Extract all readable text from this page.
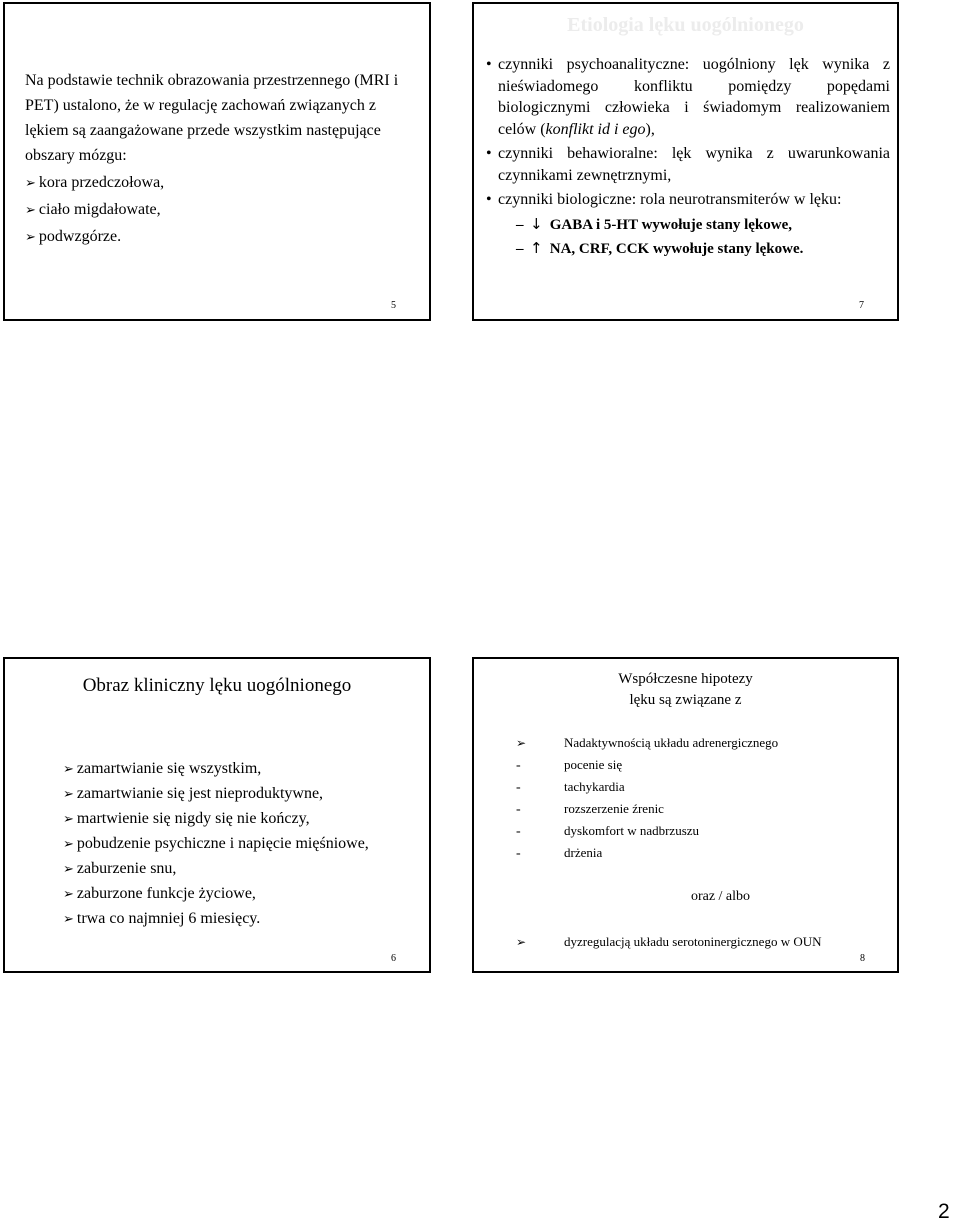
Na podstawie technik obrazowania przestrzennego (MRI i PET) ustalono, że w regulację zachowań związanych z lękiem są zaangażowane przede wszystkim następujące obszary mózgu:
➢ kora przedczołowa,
➢ ciało migdałowate,
➢ podwzgórze.
5
Etiologia lęku uogólnionego
• czynniki psychoanalityczne: uogólniony lęk wynika z nieświadomego konfliktu pomiędzy popędami biologicznymi człowieka i świadomym realizowaniem celów (konflikt id i ego),
• czynniki behawioralne: lęk wynika z uwarunkowania czynnikami zewnętrznymi,
• czynniki biologiczne: rola neurotransmiterów w lęku:
– ↓ GABA i 5-HT wywołuje stany lękowe,
– ↑ NA, CRF, CCK wywołuje stany lękowe.
7
Obraz kliniczny lęku uogólnionego
➢ zamartwianie się wszystkim,
➢ zamartwianie się jest nieproduktywne,
➢ martwienie się nigdy się nie kończy,
➢ pobudzenie psychiczne i napięcie mięśniowe,
➢ zaburzenie snu,
➢ zaburzone funkcje życiowe,
➢ trwa co najmniej 6 miesięcy.
6
Współczesne hipotezy
lęku są związane z
➢	Nadaktywnością układu adrenergicznego
-	pocenie się
-	tachykardia
-	rozszerzenie źrenic
-	dyskomfort w nadbrzuszu
-	drżenia
oraz / albo
➢	dyzregulacją układu serotoninergicznego w OUN
8
2
